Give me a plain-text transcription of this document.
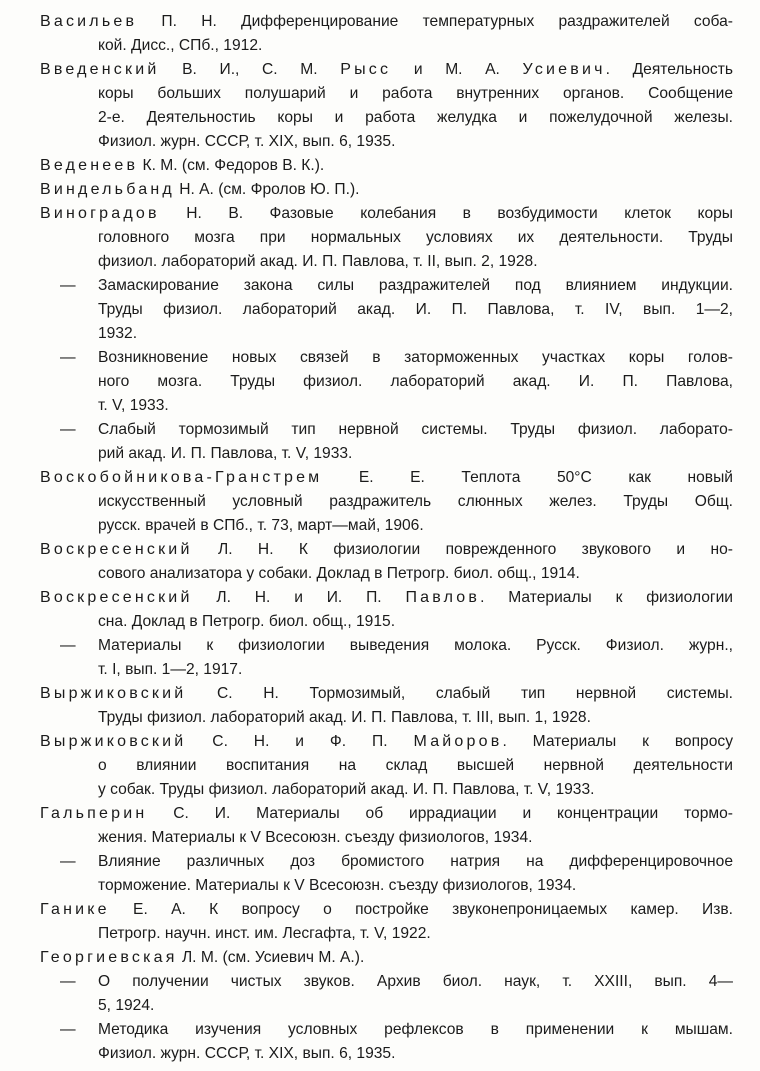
Васильев П. Н. Дифференцирование температурных раздражителей соба-
кой. Дисс., СПб., 1912.
Введенский В. И., С. М. Рысс и М. А. Усиевич. Деятельность
коры больших полушарий и работа внутренних органов. Сообщение
2-е. Деятельностиь коры и работа желудка и пожелудочной железы.
Физиол. журн. СССР, т. XIX, вып. 6, 1935.
Веденеев К. М. (см. Федоров В. К.).
Виндельбанд Н. А. (см. Фролов Ю. П.).
Виноградов Н. В. Фазовые колебания в возбудимости клеток коры
головного мозга при нормальных условиях их деятельности. Труды
физиол. лабораторий акад. И. П. Павлова, т. II, вып. 2, 1928.
— Замаскирование закона силы раздражителей под влиянием индукции.
Труды физиол. лабораторий акад. И. П. Павлова, т. IV, вып. 1—2,
1932.
— Возникновение новых связей в заторможенных участках коры голов-
ного мозга. Труды физиол. лабораторий акад. И. П. Павлова,
т. V, 1933.
— Слабый тормозимый тип нервной системы. Труды физиол. лаборато-
рий акад. И. П. Павлова, т. V, 1933.
Воскобойникова-Гранстрем Е. Е. Теплота 50°С как новый
искусственный условный раздражитель слюнных желез. Труды Общ.
русск. врачей в СПб., т. 73, март—май, 1906.
Воскресенский Л. Н. К физиологии поврежденного звукового и но-
сового анализатора у собаки. Доклад в Петрогр. биол. общ., 1914.
Воскресенский Л. Н. и И. П. Павлов. Материалы к физиологии
сна. Доклад в Петрогр. биол. общ., 1915.
— Материалы к физиологии выведения молока. Русск. Физиол. журн.,
т. I, вып. 1—2, 1917.
Выржиковский С. Н. Тормозимый, слабый тип нервной системы.
Труды физиол. лабораторий акад. И. П. Павлова, т. III, вып. 1, 1928.
Выржиковский С. Н. и Ф. П. Майоров. Материалы к вопросу
о влиянии воспитания на склад высшей нервной деятельности
у собак. Труды физиол. лабораторий акад. И. П. Павлова, т. V, 1933.
Гальперин С. И. Материалы об иррадиации и концентрации тормо-
жения. Материалы к V Всесоюзн. съезду физиологов, 1934.
— Влияние различных доз бромистого натрия на дифференцировочное
торможение. Материалы к V Всесоюзн. съезду физиологов, 1934.
Ганике Е. А. К вопросу о постройке звуконепроницаемых камер. Изв.
Петрогр. научн. инст. им. Лесгафта, т. V, 1922.
Георгиевская Л. М. (см. Усиевич М. А.).
— О получении чистых звуков. Архив биол. наук, т. XXIII, вып. 4—
5, 1924.
— Методика изучения условных рефлексов в применении к мышам.
Физиол. журн. СССР, т. XIX, вып. 6, 1935.
